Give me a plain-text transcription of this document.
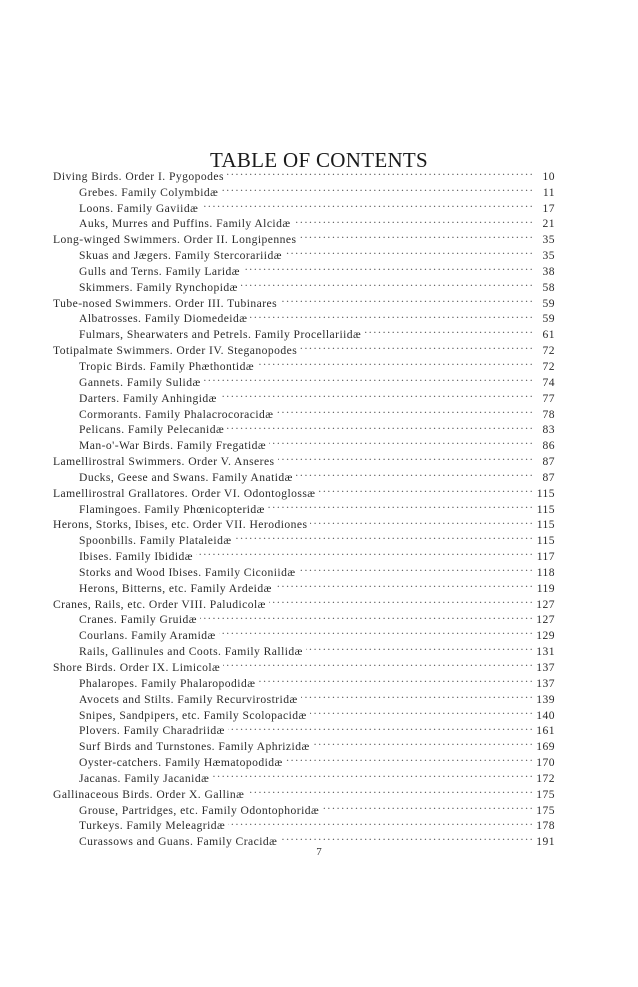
TABLE OF CONTENTS
Diving Birds. Order I. Pygopodes . . .	10
Grebes. Family Colymbidæ . . .	11
Loons. Family Gaviidæ . . .	17
Auks, Murres and Puffins. Family Alcidæ . . .	21
Long-winged Swimmers. Order II. Longipennes . . .	35
Skuas and Jægers. Family Stercorariidæ . . .	35
Gulls and Terns. Family Laridæ . . .	38
Skimmers. Family Rynchopidæ . . .	58
Tube-nosed Swimmers. Order III. Tubinares . . .	59
Albatrosses. Family Diomedeidæ . . .	59
Fulmars, Shearwaters and Petrels. Family Procellariidæ . . .	61
Totipalmate Swimmers. Order IV. Steganopodes . . .	72
Tropic Birds. Family Phæthontidæ . . .	72
Gannets. Family Sulidæ . . .	74
Darters. Family Anhingidæ . . .	77
Cormorants. Family Phalacrocoracidæ . . .	78
Pelicans. Family Pelecanidæ . . .	83
Man-o'-War Birds. Family Fregatidæ . . .	86
Lamellirostral Swimmers. Order V. Anseres . . .	87
Ducks, Geese and Swans. Family Anatidæ . . .	87
Lamellirostral Grallatores. Order VI. Odontoglossæ . . .	115
Flamingoes. Family Phœnicopteridæ . . .	115
Herons, Storks, Ibises, etc. Order VII. Herodiones . . .	115
Spoonbills. Family Plataleidæ . . .	115
Ibises. Family Ibididæ . . .	117
Storks and Wood Ibises. Family Ciconiidæ . . .	118
Herons, Bitterns, etc. Family Ardeidæ . . .	119
Cranes, Rails, etc. Order VIII. Paludicolæ . . .	127
Cranes. Family Gruidæ . . .	127
Courlans. Family Aramidæ . . .	129
Rails, Gallinules and Coots. Family Rallidæ . . .	131
Shore Birds. Order IX. Limicolæ . . .	137
Phalaropes. Family Phalaropodidæ . . .	137
Avocets and Stilts. Family Recurvirostridæ . . .	139
Snipes, Sandpipers, etc. Family Scolopacidæ . . .	140
Plovers. Family Charadriidæ . . .	161
Surf Birds and Turnstones. Family Aphrizidæ . . .	169
Oyster-catchers. Family Hæmatopodidæ . . .	170
Jacanas. Family Jacanidæ . . .	172
Gallinaceous Birds. Order X. Gallinæ . . .	175
Grouse, Partridges, etc. Family Odontophoridæ . . .	175
Turkeys. Family Meleagridæ . . .	178
Curassows and Guans. Family Cracidæ . . .	191
7
